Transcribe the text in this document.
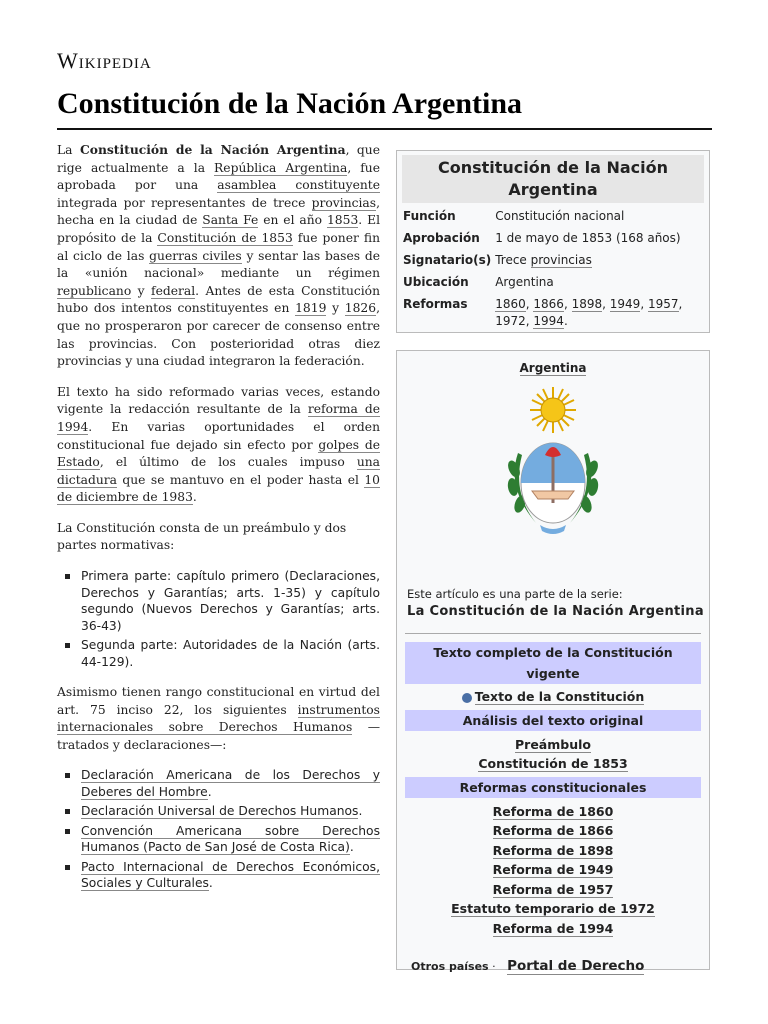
Wikipedia
Constitución de la Nación Argentina

La Constitución de la Nación Argentina, que rige actualmente a la República Argentina, fue aprobada por una asamblea constituyente integrada por representantes de trece provincias, hecha en la ciudad de Santa Fe en el año 1853. El propósito de la Constitución de 1853 fue poner fin al ciclo de las guerras civiles y sentar las bases de la «unión nacional» mediante un régimen republicano y federal. Antes de esta Constitución hubo dos intentos constituyentes en 1819 y 1826, que no prosperaron por carecer de consenso entre las provincias. Con posterioridad otras diez provincias y una ciudad integraron la federación.

El texto ha sido reformado varias veces, estando vigente la redacción resultante de la reforma de 1994. En varias oportunidades el orden constitucional fue dejado sin efecto por golpes de Estado, el último de los cuales impuso una dictadura que se mantuvo en el poder hasta el 10 de diciembre de 1983.

La Constitución consta de un preámbulo y dos partes normativas:

Primera parte: capítulo primero (Declaraciones, Derechos y Garantías; arts. 1-35) y capítulo segundo (Nuevos Derechos y Garantías; arts. 36-43)
Segunda parte: Autoridades de la Nación (arts. 44-129).

Asimismo tienen rango constitucional en virtud del art. 75 inciso 22, los siguientes instrumentos internacionales sobre Derechos Humanos —tratados y declaraciones—:

Declaración Americana de los Derechos y Deberes del Hombre.
Declaración Universal de Derechos Humanos.
Convención Americana sobre Derechos Humanos (Pacto de San José de Costa Rica).
Pacto Internacional de Derechos Económicos, Sociales y Culturales.
Constitución de la Nación Argentina
Función	Constitución nacional
Aprobación	1 de mayo de 1853 (168 años)
Signatario(s)	Trece provincias
Ubicación	Argentina
Reformas	1860, 1866, 1898, 1949, 1957, 1972, 1994.
Argentina
Este artículo es una parte de la serie:
La Constitución de la Nación Argentina
Texto completo de la Constitución vigente
Texto de la Constitución
Análisis del texto original
Preámbulo
Constitución de 1853
Reformas constitucionales
Reforma de 1860
Reforma de 1866
Reforma de 1898
Reforma de 1949
Reforma de 1957
Estatuto temporario de 1972
Reforma de 1994
Otros países · Portal de Derecho
